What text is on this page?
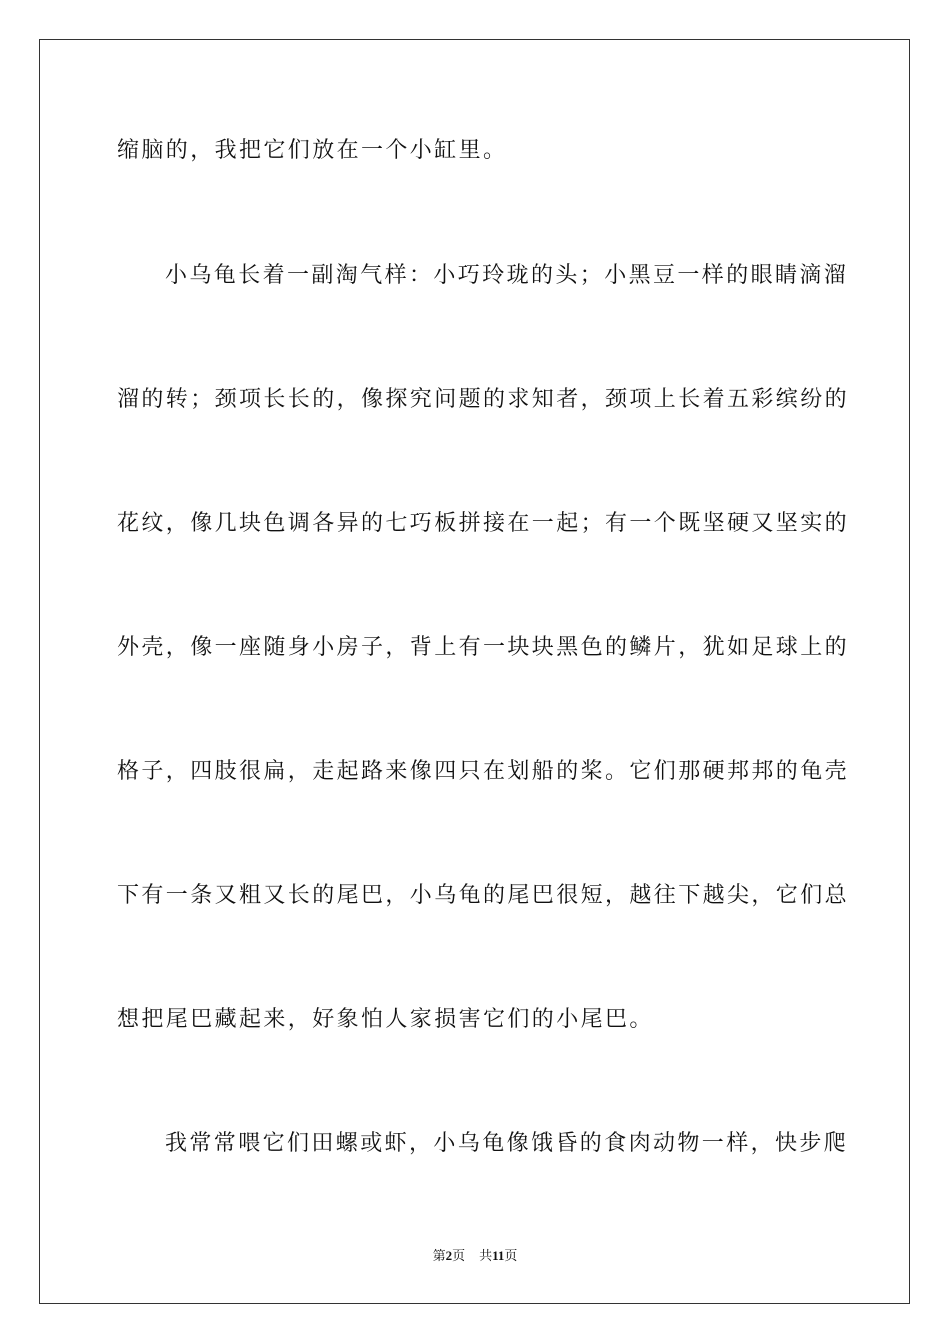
缩脑的，我把它们放在一个小缸里。

小乌龟长着一副淘气样：小巧玲珑的头；小黑豆一样的眼睛滴溜

溜的转；颈项长长的，像探究问题的求知者，颈项上长着五彩缤纷的

花纹，像几块色调各异的七巧板拼接在一起；有一个既坚硬又坚实的

外壳，像一座随身小房子，背上有一块块黑色的鳞片，犹如足球上的

格子，四肢很扁，走起路来像四只在划船的桨。它们那硬邦邦的龟壳

下有一条又粗又长的尾巴，小乌龟的尾巴很短，越往下越尖，它们总

想把尾巴藏起来，好象怕人家损害它们的小尾巴。

我常常喂它们田螺或虾，小乌龟像饿昏的食肉动物一样，快步爬

第2页 共11页
